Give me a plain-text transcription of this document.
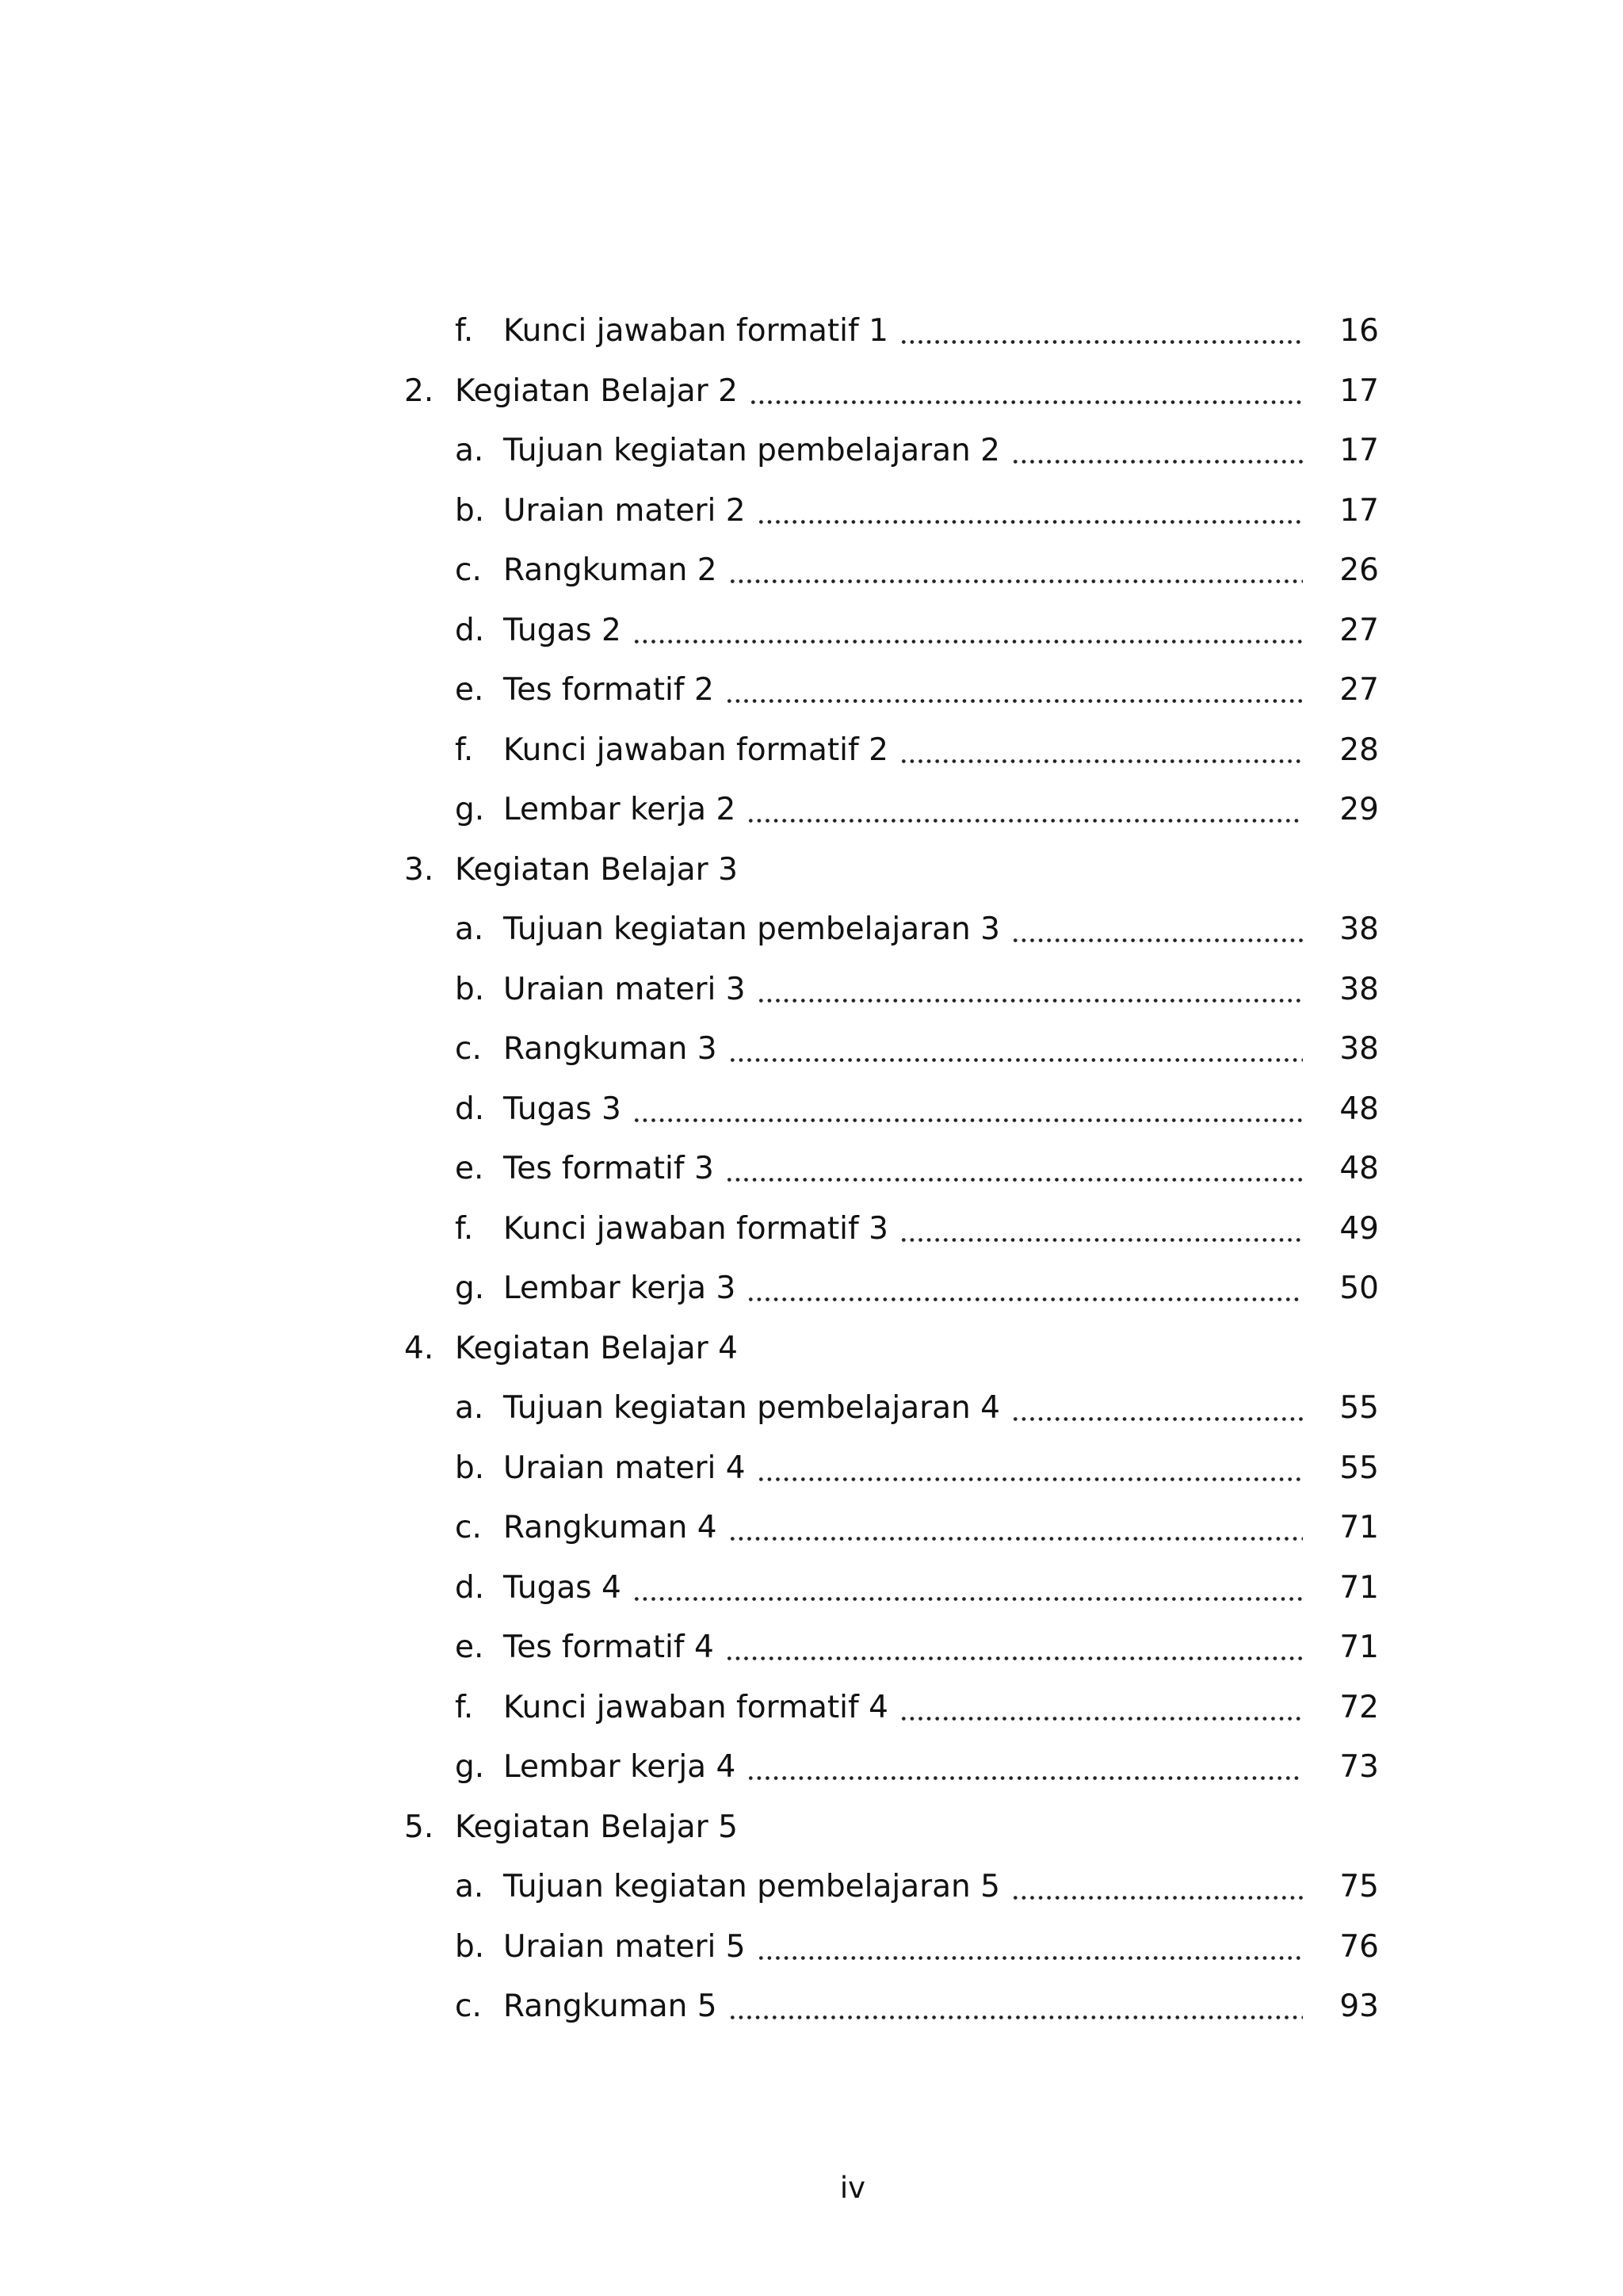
f. Kunci jawaban formatif 1	16
2. Kegiatan Belajar 2	17
a. Tujuan kegiatan pembelajaran 2	17
b. Uraian materi 2	17
c. Rangkuman 2	26
d. Tugas 2	27
e. Tes formatif 2	27
f. Kunci jawaban formatif 2	28
g. Lembar kerja 2	29
3. Kegiatan Belajar 3
a. Tujuan kegiatan pembelajaran 3	38
b. Uraian materi 3	38
c. Rangkuman 3	38
d. Tugas 3	48
e. Tes formatif 3	48
f. Kunci jawaban formatif 3	49
g. Lembar kerja 3	50
4. Kegiatan Belajar 4
a. Tujuan kegiatan pembelajaran 4	55
b. Uraian materi 4	55
c. Rangkuman 4	71
d. Tugas 4	71
e. Tes formatif 4	71
f. Kunci jawaban formatif 4	72
g. Lembar kerja 4	73
5. Kegiatan Belajar 5
a. Tujuan kegiatan pembelajaran 5	75
b. Uraian materi 5	76
c. Rangkuman 5	93
iv
